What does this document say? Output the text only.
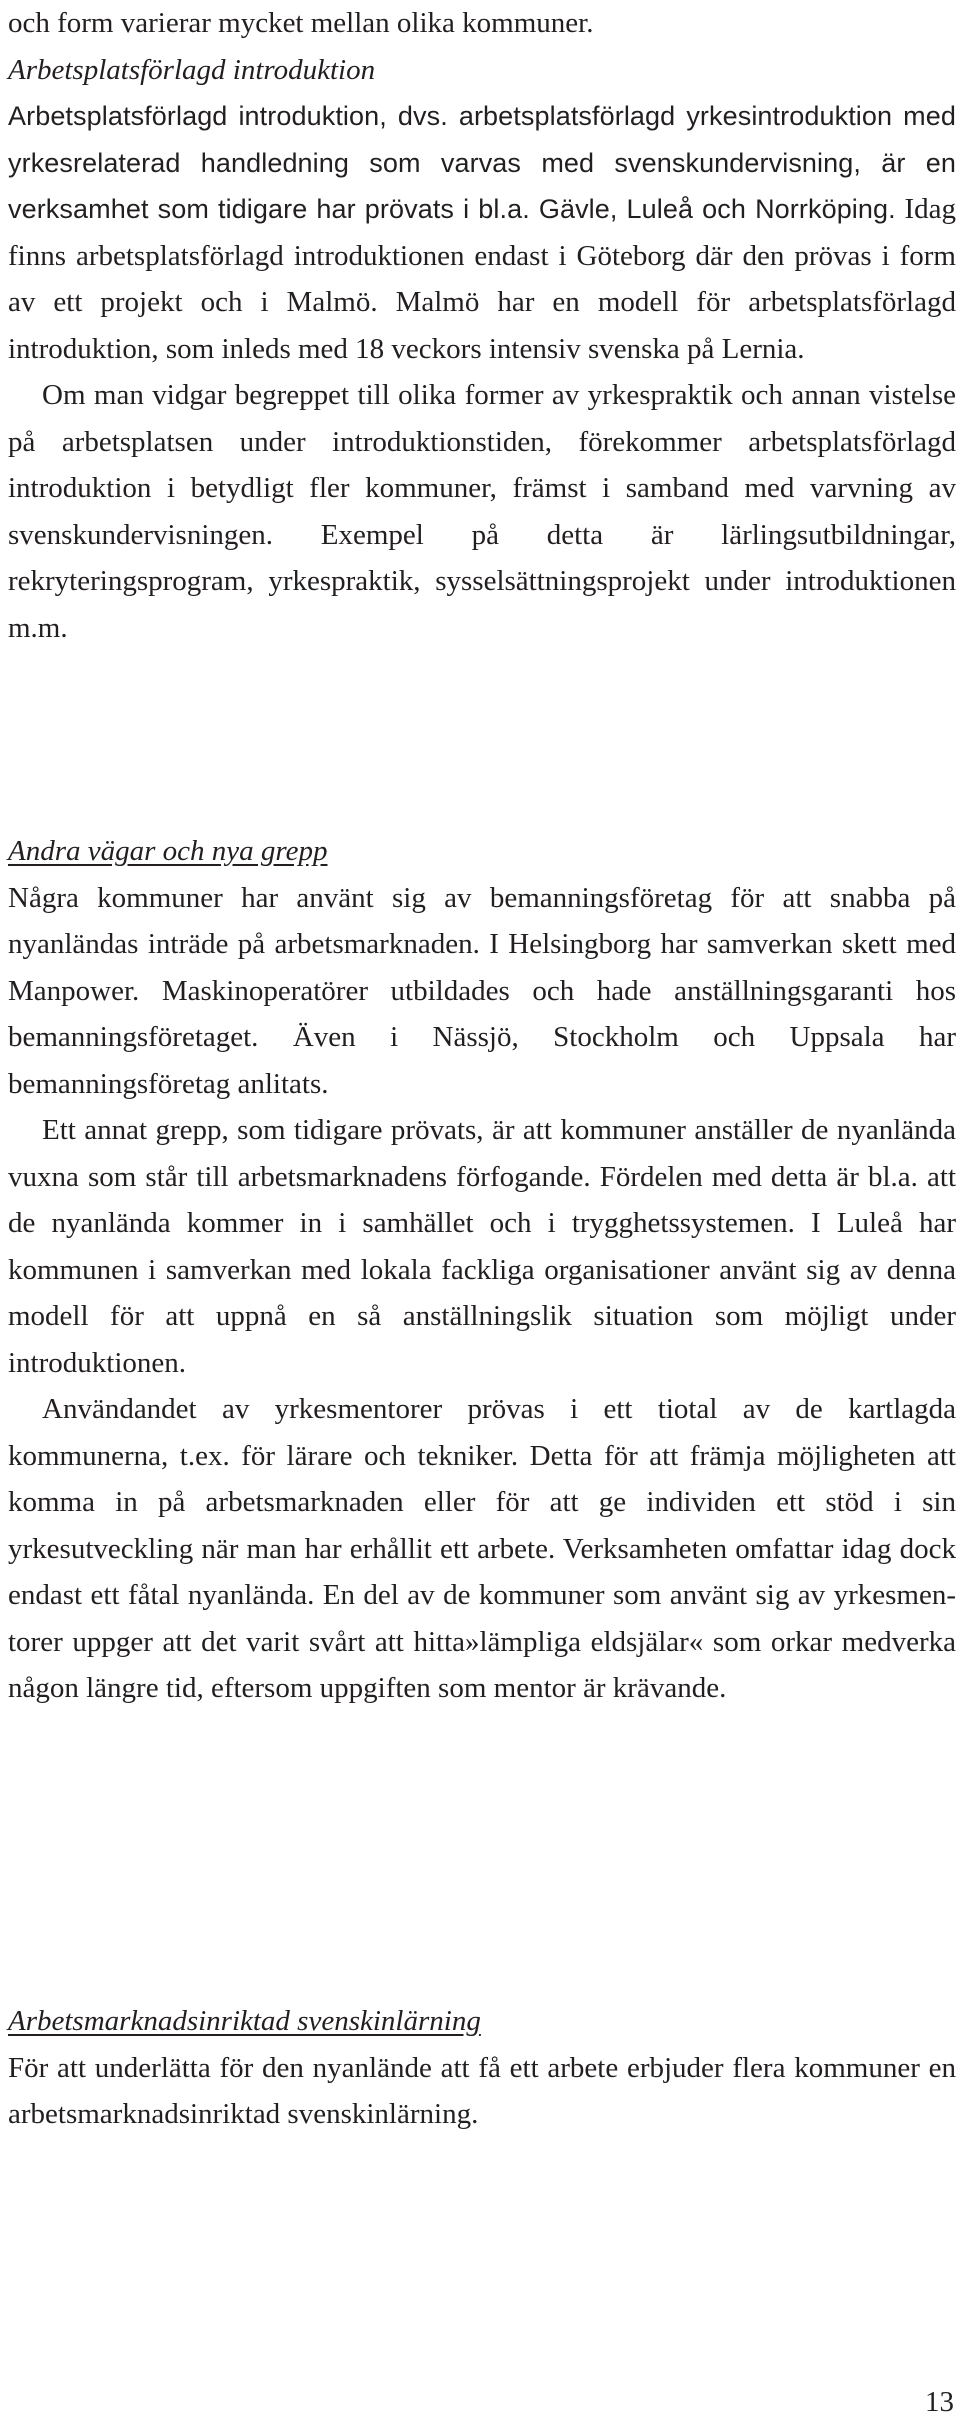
och form varierar mycket mellan olika kommuner.

Arbetsplatsförlagd introduktion

Arbetsplatsförlagd introduktion, dvs. arbetsplatsförlagd yrkesintroduktion med yrkesrelaterad handledning som varvas med svenskundervisning, är en verksamhet som tidigare har prövats i bl.a. Gävle, Luleå och Norrköping. Idag finns arbetsplatsförlagd introduktionen endast i Göteborg där den prövas i form av ett projekt och i Malmö. Malmö har en modell för arbetsplatsförlagd introduktion, som inleds med 18 veckors intensiv svenska på Lernia.

Om man vidgar begreppet till olika former av yrkespraktik och annan vistelse på arbetsplatsen under introduktionstiden, förekommer arbetsplatsförlagd introduktion i betydligt fler kommuner, främst i samband med varvning av svenskundervisningen. Exempel på detta är lärlingsutbildningar, rekryteringsprogram, yrkespraktik, sysselsättningsprojekt under introduktionen m.m.

Andra vägar och nya grepp

Några kommuner har använt sig av bemanningsföretag för att snabba på nyanländas inträde på arbetsmarknaden. I Helsingborg har samverkan skett med Manpower. Maskinoperatörer utbildades och hade anställningsgaranti hos bemanningsföretaget. Även i Nässjö, Stockholm och Uppsala har bemanningsföretag anlitats.

Ett annat grepp, som tidigare prövats, är att kommuner anställer de nyanlända vuxna som står till arbetsmarknadens förfogande. Fördelen med detta är bl.a. att de nyanlända kommer in i samhället och i trygghetssystemen. I Luleå har kommunen i samverkan med lokala fackliga organisationer använt sig av denna modell för att uppnå en så anställningslik situation som möjligt under introduktionen.

Användandet av yrkesmentorer prövas i ett tiotal av de kartlagda kommunerna, t.ex. för lärare och tekniker. Detta för att främja möjligheten att komma in på arbetsmarknaden eller för att ge individen ett stöd i sin yrkesutveckling när man har erhållit ett arbete. Verksamheten omfattar idag dock endast ett fåtal nyanlända. En del av de kommuner som använt sig av yrkesmentorer uppger att det varit svårt att hitta»lämpliga eldsjälar« som orkar medverka någon längre tid, eftersom uppgiften som mentor är krävande.

Arbetsmarknadsinriktad svenskinlärning

För att underlätta för den nyanlände att få ett arbete erbjuder flera kommuner en arbetsmarknadsinriktad svenskinlärning.

13
